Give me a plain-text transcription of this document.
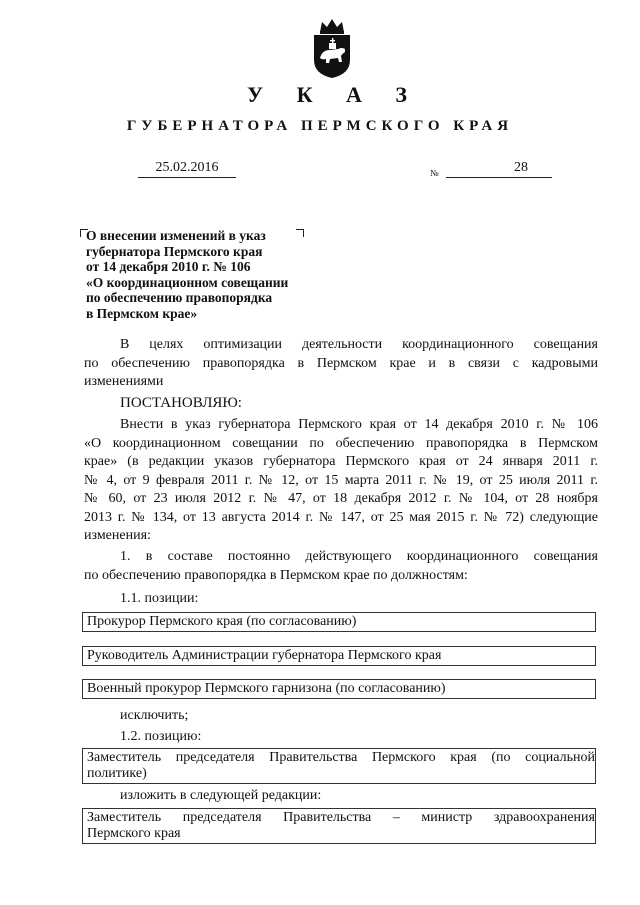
У К А З
ГУБЕРНАТОРА ПЕРМСКОГО КРАЯ
25.02.2016	№	28
О внесении изменений в указ
губернатора Пермского края
от 14 декабря 2010 г. № 106
«О координационном совещании
по обеспечению правопорядка
в Пермском крае»
В целях оптимизации деятельности координационного совещания
по обеспечению правопорядка в Пермском крае и в связи с кадровыми
изменениями
ПОСТАНОВЛЯЮ:
Внести в указ губернатора Пермского края от 14 декабря 2010 г. № 106
«О координационном совещании по обеспечению правопорядка в Пермском
крае» (в редакции указов губернатора Пермского края от 24 января 2011 г.
№ 4, от 9 февраля 2011 г. № 12, от 15 марта 2011 г. № 19, от 25 июля 2011 г.
№ 60, от 23 июля 2012 г. № 47, от 18 декабря 2012 г. № 104, от 28 ноября
2013 г. № 134, от 13 августа 2014 г. № 147, от 25 мая 2015 г. № 72) следующие
изменения:
1. в составе постоянно действующего координационного совещания
по обеспечению правопорядка в Пермском крае по должностям:
1.1. позиции:
Прокурор Пермского края (по согласованию)
Руководитель Администрации губернатора Пермского края
Военный прокурор Пермского гарнизона (по согласованию)
исключить;
1.2. позицию:
Заместитель председателя Правительства Пермского края (по социальной
политике)
изложить в следующей редакции:
Заместитель председателя Правительства – министр здравоохранения
Пермского края
